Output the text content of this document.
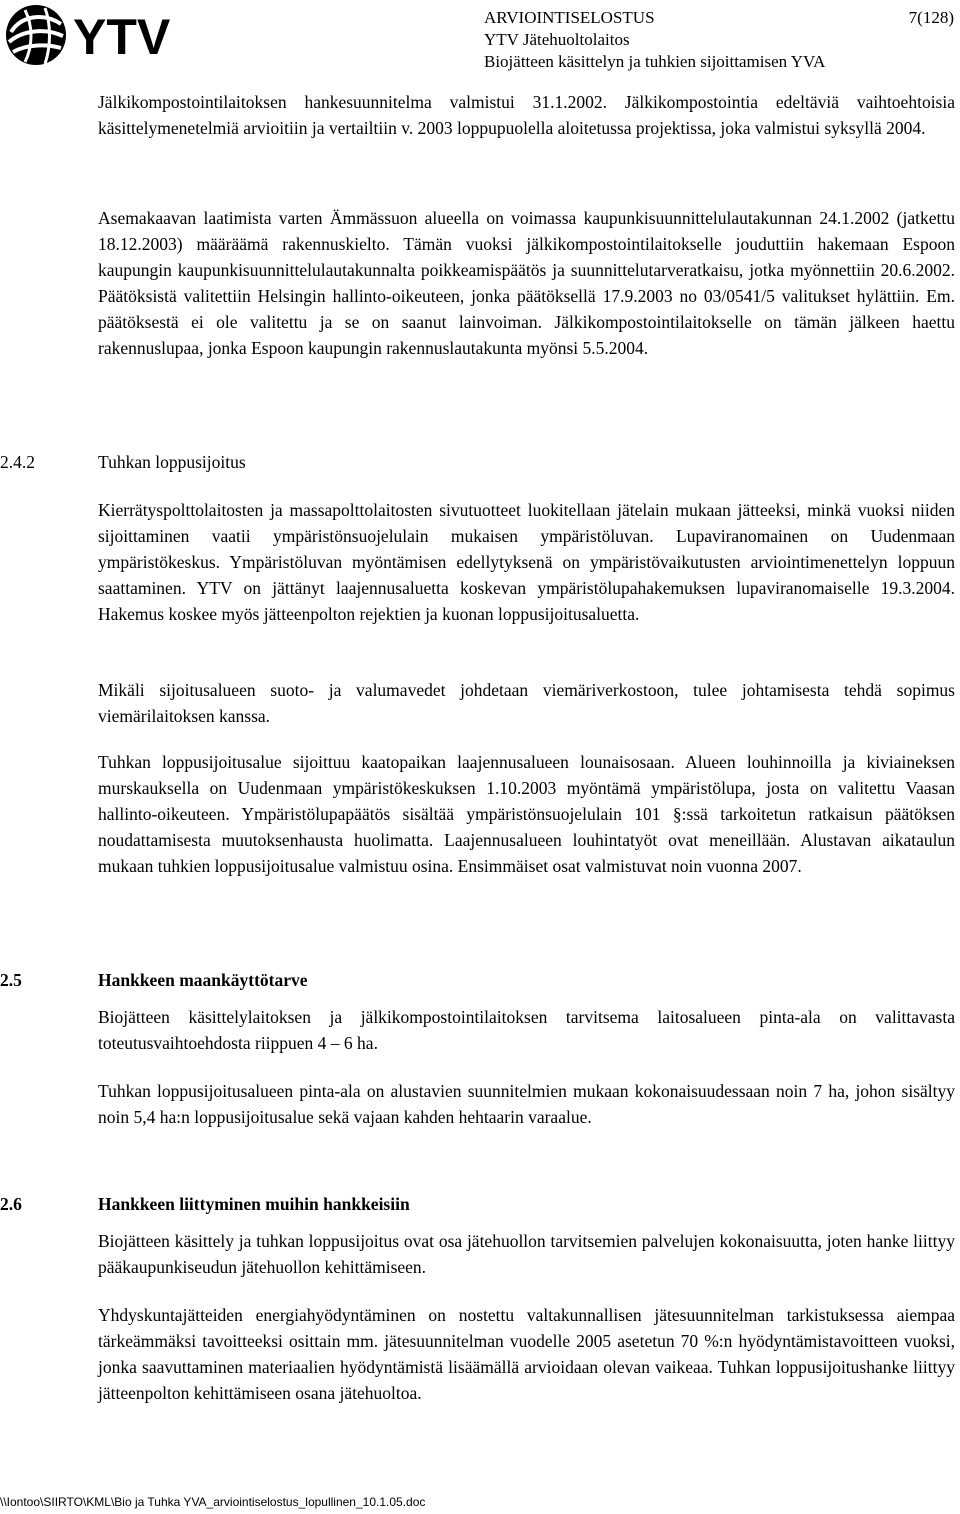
YTV	ARVIOINTISELOSTUS	7(128)
YTV Jätehuoltolaitos
Biojätteen käsittelyn ja tuhkien sijoittamisen YVA
Jälkikompostointilaitoksen hankesuunnitelma valmistui 31.1.2002. Jälkikompostointia edeltäviä vaihtoehtoisia käsittelymenetelmiä arvioitiin ja vertailtiin v. 2003 loppupuolella aloitetussa projektissa, joka valmistui syksyllä 2004.
Asemakaavan laatimista varten Ämmässuon alueella on voimassa kaupunkisuunnittelulautakunnan 24.1.2002 (jatkettu 18.12.2003) määräämä rakennuskielto. Tämän vuoksi jälkikompostointilaitokselle jouduttiin hakemaan Espoon kaupungin kaupunkisuunnittelulautakunnalta poikkeamispäätös ja suunnittelutarveratkaisu, jotka myönnettiin 20.6.2002. Päätöksistä valitettiin Helsingin hallinto-oikeuteen, jonka päätöksellä 17.9.2003 no 03/0541/5 valitukset hylättiin. Em. päätöksestä ei ole valitettu ja se on saanut lainvoiman. Jälkikompostointilaitokselle on tämän jälkeen haettu rakennuslupaa, jonka Espoon kaupungin rakennuslautakunta myönsi 5.5.2004.
2.4.2	Tuhkan loppusijoitus
Kierrätyspolttolaitosten ja massapolttolaitosten sivutuotteet luokitellaan jätelain mukaan jätteeksi, minkä vuoksi niiden sijoittaminen vaatii ympäristönsuojelulain mukaisen ympäristöluvan. Lupaviranomainen on Uudenmaan ympäristökeskus. Ympäristöluvan myöntämisen edellytyksenä on ympäristövaikutusten arviointimenettelyn loppuun saattaminen. YTV on jättänyt laajennusaluetta koskevan ympäristölupahakemuksen lupaviranomaiselle 19.3.2004. Hakemus koskee myös jätteenpolton rejektien ja kuonan loppusijoitusaluetta.
Mikäli sijoitusalueen suoto- ja valumavedet johdetaan viemäriverkostoon, tulee johtamisesta tehdä sopimus viemärilaitoksen kanssa.
Tuhkan loppusijoitusalue sijoittuu kaatopaikan laajennusalueen lounaisosaan. Alueen louhinnoilla ja kiviaineksen murskauksella on Uudenmaan ympäristökeskuksen 1.10.2003 myöntämä ympäristölupa, josta on valitettu Vaasan hallinto-oikeuteen. Ympäristölupapäätös sisältää ympäristönsuojelulain 101 §:ssä tarkoitetun ratkaisun päätöksen noudattamisesta muutoksenhausta huolimatta. Laajennusalueen louhintatyöt ovat meneillään. Alustavan aikataulun mukaan tuhkien loppusijoitusalue valmistuu osina. Ensimmäiset osat valmistuvat noin vuonna 2007.
2.5	Hankkeen maankäyttötarve
Biojätteen käsittelylaitoksen ja jälkikompostointilaitoksen tarvitsema laitosalueen pinta-ala on valittavasta toteutusvaihtoehdosta riippuen 4 – 6 ha.
Tuhkan loppusijoitusalueen pinta-ala on alustavien suunnitelmien mukaan kokonaisuudessaan noin 7 ha, johon sisältyy noin 5,4 ha:n loppusijoitusalue sekä vajaan kahden hehtaarin varaalue.
2.6	Hankkeen liittyminen muihin hankkeisiin
Biojätteen käsittely ja tuhkan loppusijoitus ovat osa jätehuollon tarvitsemien palvelujen kokonaisuutta, joten hanke liittyy pääkaupunkiseudun jätehuollon kehittämiseen.
Yhdyskuntajätteiden energiahyödyntäminen on nostettu valtakunnallisen jätesuunnitelman tarkistuksessa aiempaa tärkeämmäksi tavoitteeksi osittain mm. jätesuunnitelman vuodelle 2005 asetetun 70 %:n hyödyntämistavoitteen vuoksi, jonka saavuttaminen materiaalien hyödyntämistä lisäämällä arvioidaan olevan vaikeaa. Tuhkan loppusijoitushanke liittyy jätteenpolton kehittämiseen osana jätehuoltoa.
\\Iontoo\SIIRTO\KML\Bio ja Tuhka YVA_arviointiselostus_lopullinen_10.1.05.doc
